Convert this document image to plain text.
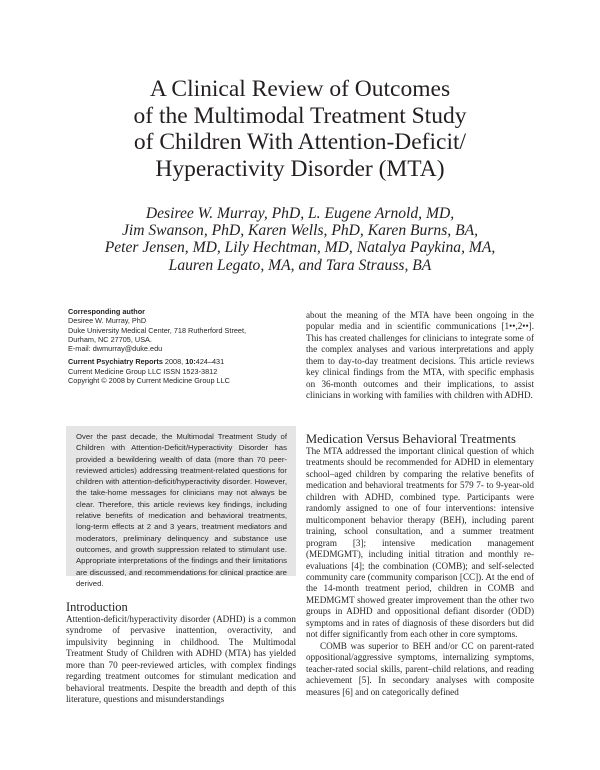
A Clinical Review of Outcomes
of the Multimodal Treatment Study
of Children With Attention-Deficit/
Hyperactivity Disorder (MTA)
Desiree W. Murray, PhD, L. Eugene Arnold, MD,
Jim Swanson, PhD, Karen Wells, PhD, Karen Burns, BA,
Peter Jensen, MD, Lily Hechtman, MD, Natalya Paykina, MA,
Lauren Legato, MA, and Tara Strauss, BA
Corresponding author
Desiree W. Murray, PhD
Duke University Medical Center, 718 Rutherford Street,
Durham, NC 27705, USA.
E-mail: dwmurray@duke.edu
Current Psychiatry Reports 2008, 10:424–431
Current Medicine Group LLC ISSN 1523-3812
Copyright © 2008 by Current Medicine Group LLC
Over the past decade, the Multimodal Treatment Study of Children with Attention-Deficit/Hyperactivity Disorder has provided a bewildering wealth of data (more than 70 peer-reviewed articles) addressing treatment-related questions for children with attention-deficit/hyperactivity disorder. However, the take-home messages for clinicians may not always be clear. Therefore, this article reviews key findings, including relative benefits of medication and behavioral treatments, long-term effects at 2 and 3 years, treatment mediators and moderators, preliminary delinquency and substance use outcomes, and growth suppression related to stimulant use. Appropriate interpretations of the findings and their limitations are discussed, and recommendations for clinical practice are derived.
Introduction

Attention-deficit/hyperactivity disorder (ADHD) is a common syndrome of pervasive inattention, overactivity, and impulsivity beginning in childhood. The Multimodal Treatment Study of Children with ADHD (MTA) has yielded more than 70 peer-reviewed articles, with complex findings regarding treatment outcomes for stimulant medication and behavioral treatments. Despite the breadth and depth of this literature, questions and misunderstandings

about the meaning of the MTA have been ongoing in the popular media and in scientific communications [1••,2••]. This has created challenges for clinicians to integrate some of the complex analyses and various interpretations and apply them to day-to-day treatment decisions. This article reviews key clinical findings from the MTA, with specific emphasis on 36-month outcomes and their implications, to assist clinicians in working with families with children with ADHD.

Medication Versus Behavioral Treatments

The MTA addressed the important clinical question of which treatments should be recommended for ADHD in elementary school–aged children by comparing the relative benefits of medication and behavioral treatments for 579 7- to 9-year-old children with ADHD, combined type. Participants were randomly assigned to one of four interventions: intensive multicomponent behavior therapy (BEH), including parent training, school consultation, and a summer treatment program [3]; intensive medication management (MEDMGMT), including initial titration and monthly re-evaluations [4]; the combination (COMB); and self-selected community care (community comparison [CC]). At the end of the 14-month treatment period, children in COMB and MEDMGMT showed greater improvement than the other two groups in ADHD and oppositional defiant disorder (ODD) symptoms and in rates of diagnosis of these disorders but did not differ significantly from each other in core symptoms.

COMB was superior to BEH and/or CC on parent-rated oppositional/aggressive symptoms, internalizing symptoms, teacher-rated social skills, parent–child relations, and reading achievement [5]. In secondary analyses with composite measures [6] and on categorically defined
